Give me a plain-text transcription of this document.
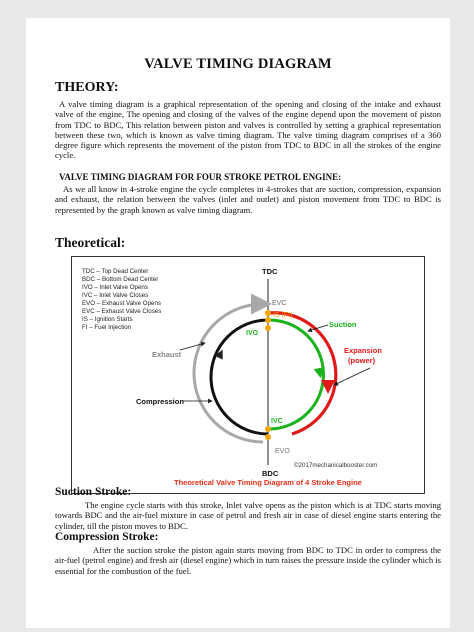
VALVE TIMING DIAGRAM
THEORY:
A valve timing diagram is a graphical representation of the opening and closing of the intake and exhaust valve of the engine, The opening and closing of the valves of the engine depend upon the movement of piston from TDC to BDC, This relation between piston and valves is controlled by setting a graphical representation between these two, which is known as valve timing diagram. The valve timing diagram comprises of a 360 degree figure which represents the movement of the piston from TDC to BDC in all the strokes of the engine cycle.
VALVE TIMING DIAGRAM FOR FOUR STROKE PETROL ENGINE:
As we all know in 4-stroke engine the cycle completes in 4-strokes that are suction, compression, expansion and exhaust, the relation between the valves (inlet and outlet) and piston movement from TDC to BDC is represented by the graph known as valve timing diagram.
Theoretical:
TDC – Top Dead Center
BDC – Bottom Dead Center
IVO – Inlet Valve Opens
IVC – Inlet Valve Closes
EVO – Exhaust Valve Opens
EVC – Exhaust Valve Closes
IS – Ignition Starts
FI – Fuel Injection
TDC
BDC
EVC
IS (FI)
IVO
IVC
EVO
Suction
Expansion
(power)
Exhaust
Compression
©2017mechanicalbooster.com
Theoretical Valve Timing Diagram of 4 Stroke Engine
Suction Stroke:
The engine cycle starts with this stroke, Inlet valve opens as the piston which is at TDC starts moving towards BDC and the air-fuel mixture in case of petrol and fresh air in case of diesel engine starts entering the cylinder, till the piston moves to BDC.
Compression Stroke:
After the suction stroke the piston again starts moving from BDC to TDC in order to compress the air-fuel (petrol engine) and fresh air (diesel engine) which in turn raises the pressure inside the cylinder which is essential for the combustion of the fuel.
